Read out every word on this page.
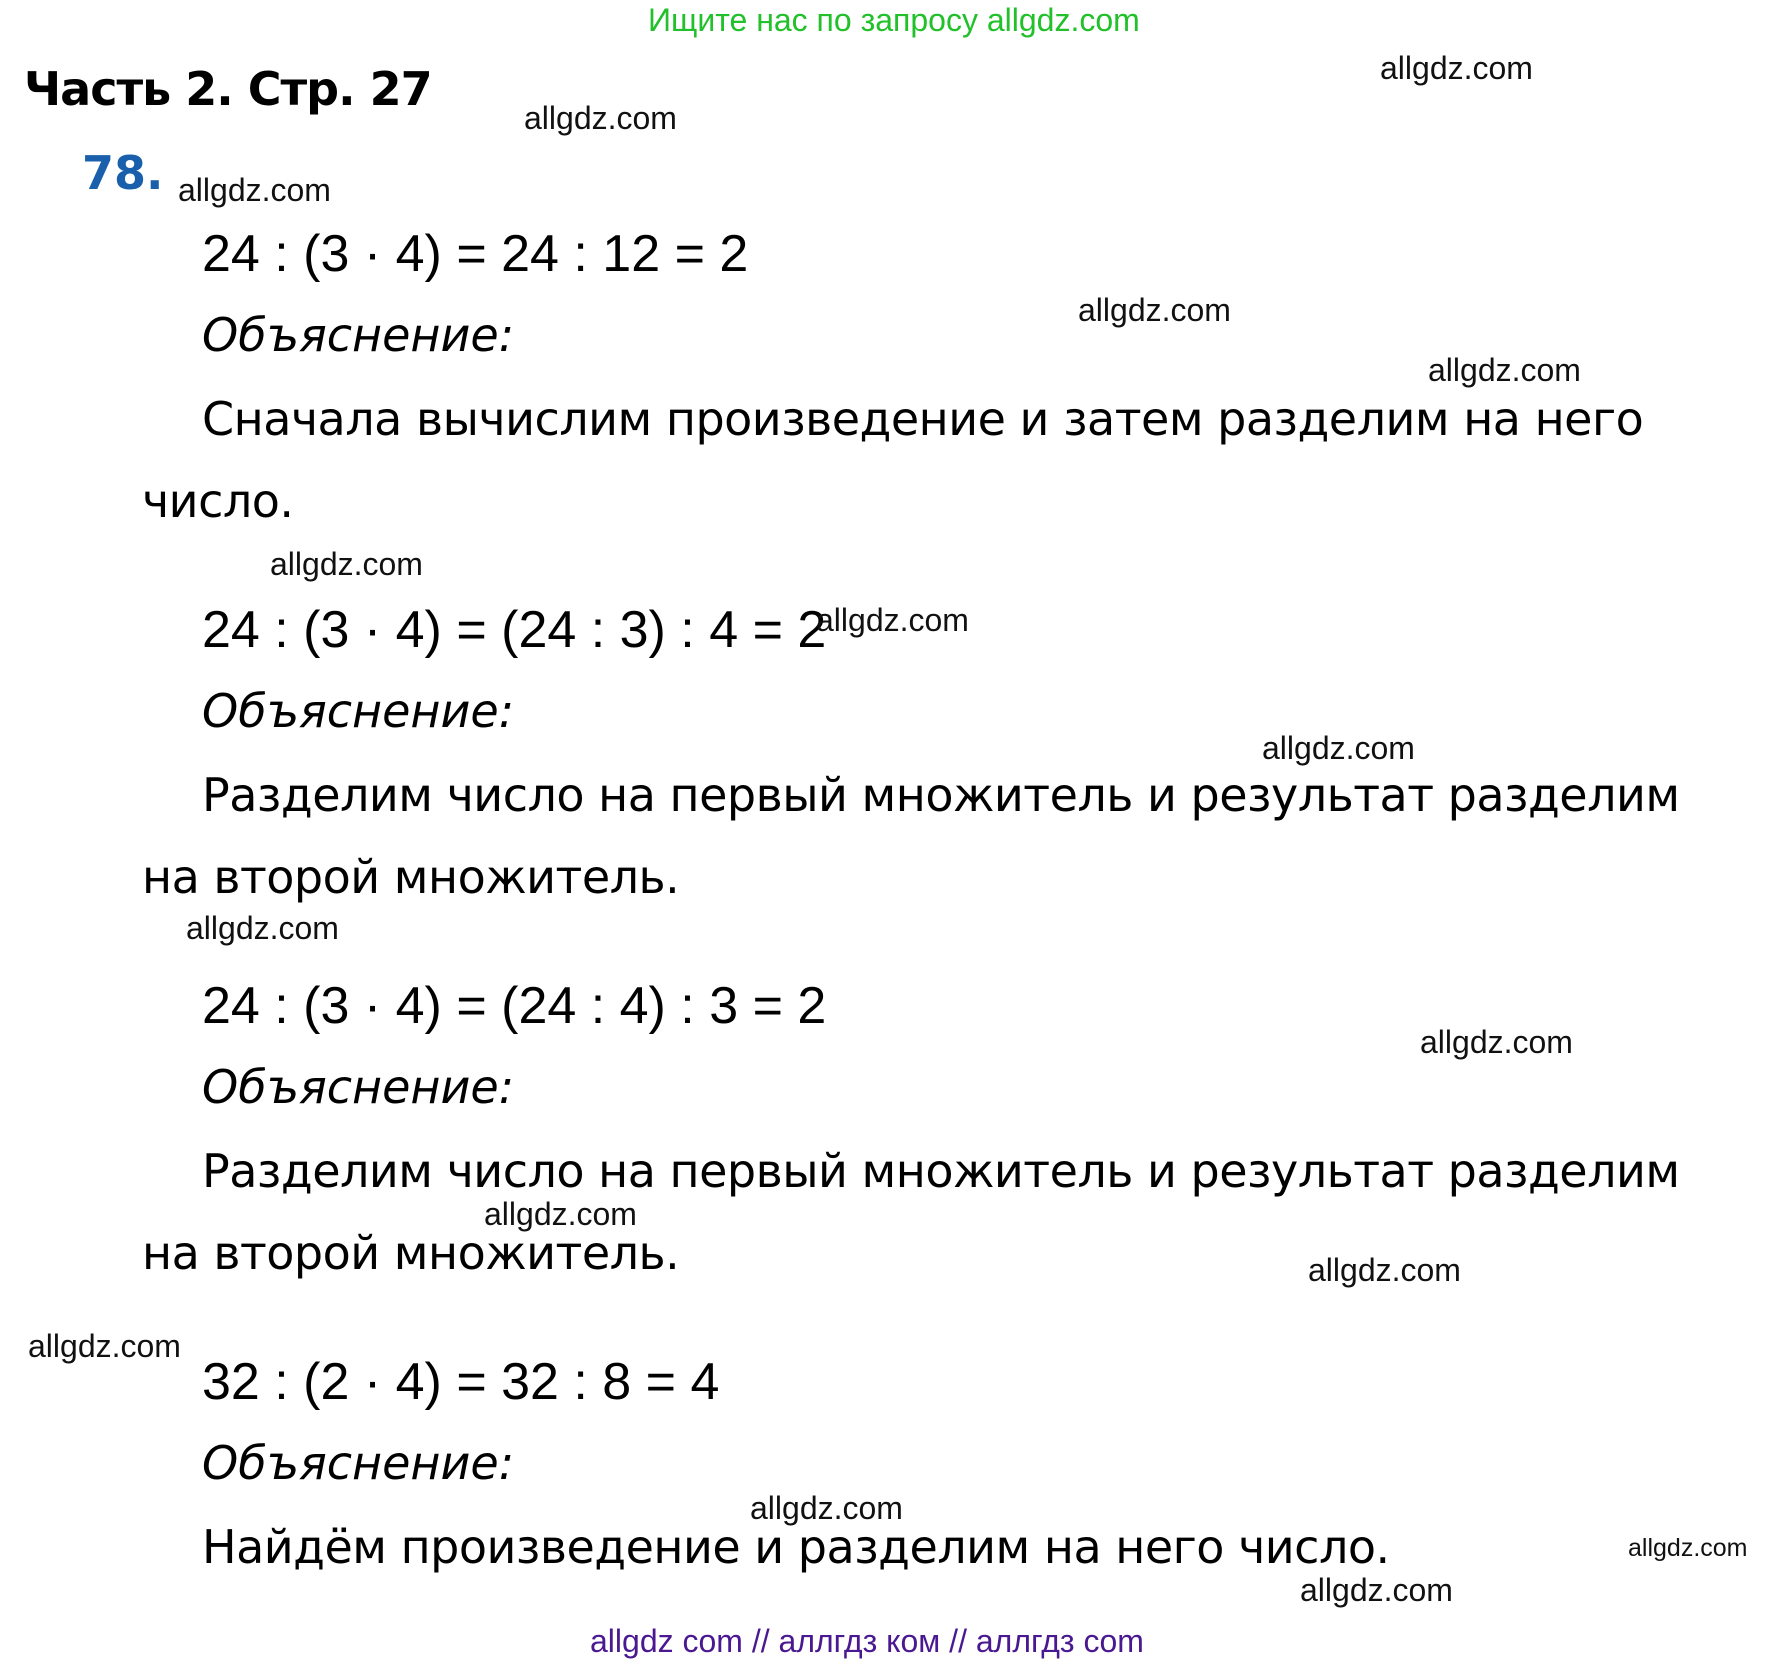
Ищите нас по запросу allgdz.com
Часть 2. Стр. 27
78.
24 : (3 · 4) = 24 : 12 = 2
Объяснение:
Сначала вычислим произведение и затем разделим на него
число.
24 : (3 · 4) = (24 : 3) : 4 = 2
Объяснение:
Разделим число на первый множитель и результат разделим
на второй множитель.
24 : (3 · 4) = (24 : 4) : 3 = 2
Объяснение:
Разделим число на первый множитель и результат разделим
на второй множитель.
32 : (2 · 4) = 32 : 8 = 4
Объяснение:
Найдём произведение и разделим на него число.
allgdz.com
allgdz.com
allgdz.com
allgdz.com
allgdz.com
allgdz.com
allgdz.com
allgdz.com
allgdz.com
allgdz.com
allgdz.com
allgdz.com
allgdz.com
allgdz.com
allgdz.com
allgdz.com
allgdz com // аллгдз ком // аллгдз com
